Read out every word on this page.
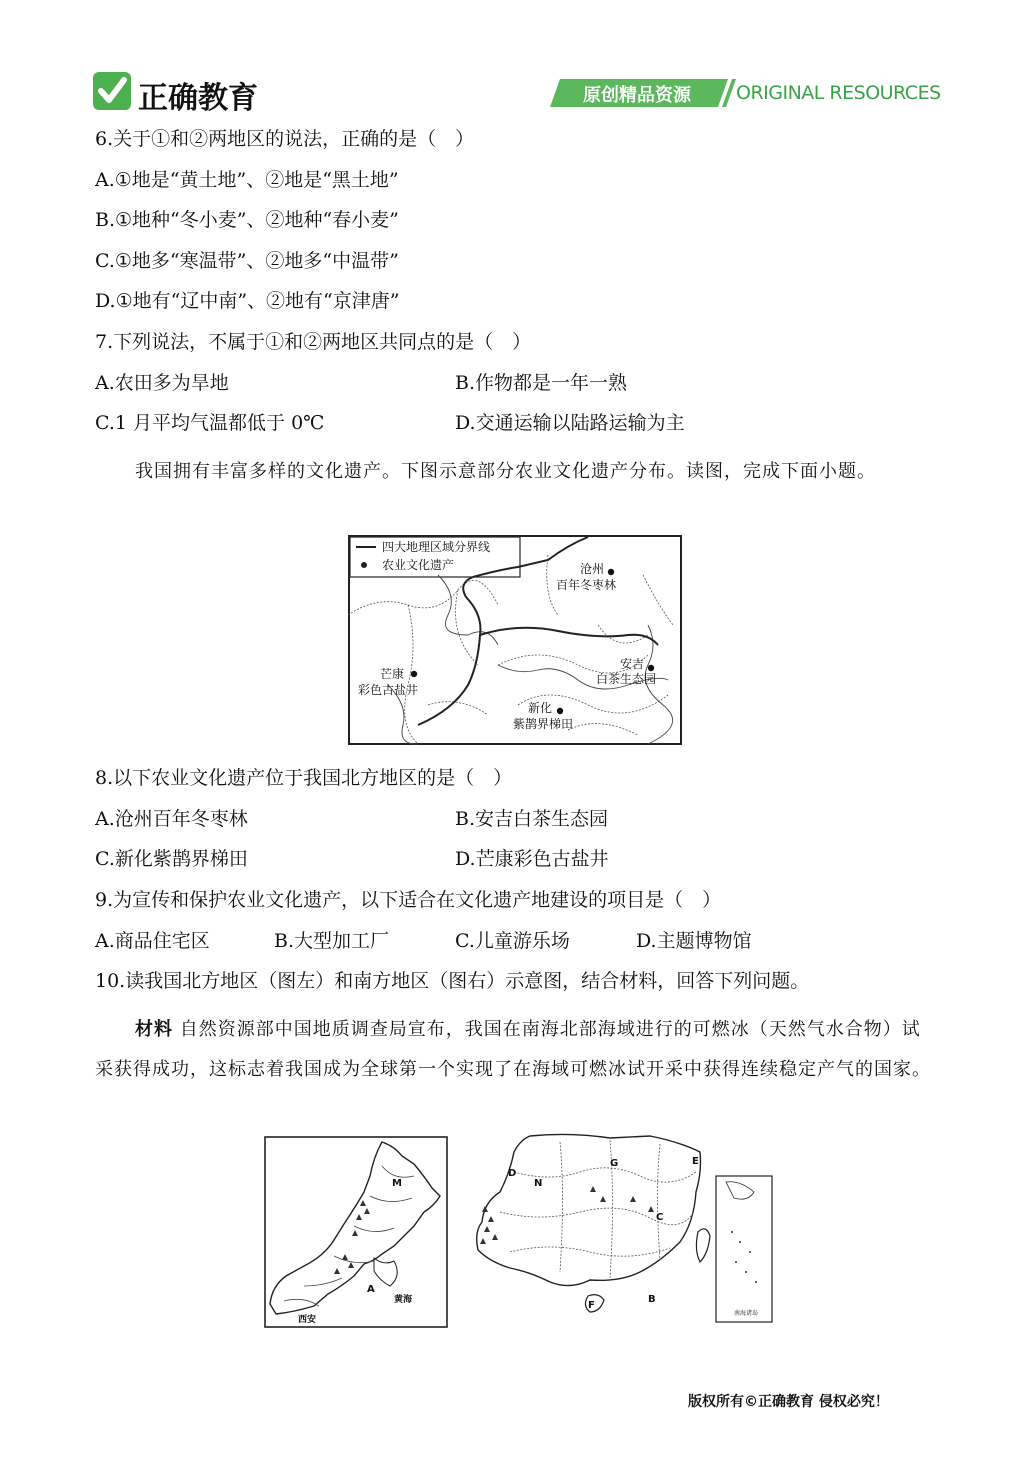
正确教育	原创精品资源 ORIGINAL RESOURCES
6.关于①和②两地区的说法，正确的是（　）
A.①地是“黄土地”、②地是“黑土地”
B.①地种“冬小麦”、②地种“春小麦”
C.①地多“寒温带”、②地多“中温带”
D.①地有“辽中南”、②地有“京津唐”
7.下列说法，不属于①和②两地区共同点的是（　）
A.农田多为旱地	B.作物都是一年一熟
C.1 月平均气温都低于 0℃	D.交通运输以陆路运输为主
我国拥有丰富多样的文化遗产。下图示意部分农业文化遗产分布。读图，完成下面小题。
四大地理区域分界线
农业文化遗产	沧州
百年冬枣林
芒康
彩色古盐井
安吉
白茶生态园
新化
紫鹊界梯田
8.以下农业文化遗产位于我国北方地区的是（　）
A.沧州百年冬枣林	B.安吉白茶生态园
C.新化紫鹊界梯田	D.芒康彩色古盐井
9.为宣传和保护农业文化遗产，以下适合在文化遗产地建设的项目是（　）
A.商品住宅区	B.大型加工厂	C.儿童游乐场	D.主题博物馆
10.读我国北方地区（图左）和南方地区（图右）示意图，结合材料，回答下列问题。
材料 自然资源部中国地质调查局宣布，我国在南海北部海域进行的可燃冰（天然气水合物）试采获得成功，这标志着我国成为全球第一个实现了在海域可燃冰试开采中获得连续稳定产气的国家。
M
A
黄海
西安
D
N
G	E
C
F
B
南海诸岛
版权所有©正确教育 侵权必究！
